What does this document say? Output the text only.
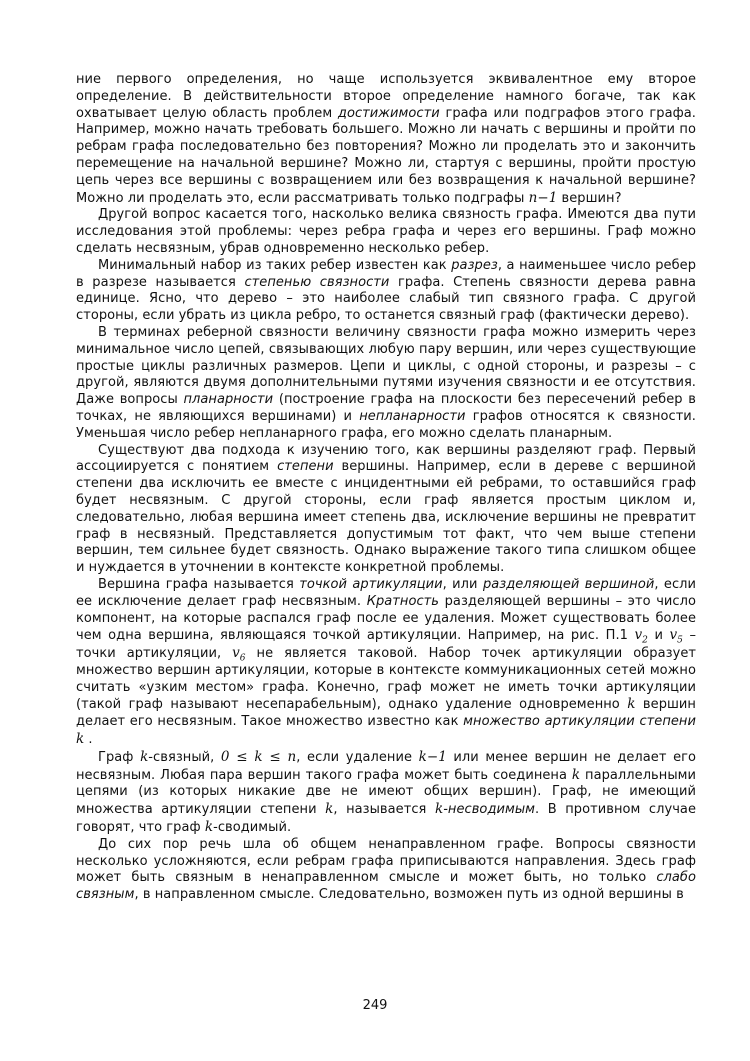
ние первого определения, но чаще используется эквивалентное ему второе определение. В действительности второе определение намного богаче, так как охватывает целую область проблем достижимости графа или подграфов этого графа. Например, можно начать требовать большего. Можно ли начать с вершины и пройти по ребрам графа последовательно без повторения? Можно ли проделать это и закончить перемещение на начальной вершине? Можно ли, стартуя с вершины, пройти простую цепь через все вершины с возвращением или без возвращения к начальной вершине? Можно ли проделать это, если рассматривать только подграфы n−1 вершин?

Другой вопрос касается того, насколько велика связность графа. Имеются два пути исследования этой проблемы: через ребра графа и через его вершины. Граф можно сделать несвязным, убрав одновременно несколько ребер.

Минимальный набор из таких ребер известен как разрез, а наименьшее число ребер в разрезе называется степенью связности графа. Степень связности дерева равна единице. Ясно, что дерево – это наиболее слабый тип связного графа. С другой стороны, если убрать из цикла ребро, то останется связный граф (фактически дерево).

В терминах реберной связности величину связности графа можно измерить через минимальное число цепей, связывающих любую пару вершин, или через существующие простые циклы различных размеров. Цепи и циклы, с одной стороны, и разрезы – с другой, являются двумя дополнительными путями изучения связности и ее отсутствия. Даже вопросы планарности (построение графа на плоскости без пересечений ребер в точках, не являющихся вершинами) и непланарности графов относятся к связности. Уменьшая число ребер непланарного графа, его можно сделать планарным.

Существуют два подхода к изучению того, как вершины разделяют граф. Первый ассоциируется с понятием степени вершины. Например, если в дереве с вершиной степени два исключить ее вместе с инцидентными ей ребрами, то оставшийся граф будет несвязным. С другой стороны, если граф является простым циклом и, следовательно, любая вершина имеет степень два, исключение вершины не превратит граф в несвязный. Представляется допустимым тот факт, что чем выше степени вершин, тем сильнее будет связность. Однако выражение такого типа слишком общее и нуждается в уточнении в контексте конкретной проблемы.

Вершина графа называется точкой артикуляции, или разделяющей вершиной, если ее исключение делает граф несвязным. Кратность разделяющей вершины – это число компонент, на которые распался граф после ее удаления. Может существовать более чем одна вершина, являющаяся точкой артикуляции. Например, на рис. П.1 $v_2$ и $v_5$ – точки артикуляции, $v_6$ не является таковой. Набор точек артикуляции образует множество вершин артикуляции, которые в контексте коммуникационных сетей можно считать «узким местом» графа. Конечно, граф может не иметь точки артикуляции (такой граф называют несепарабельным), однако удаление одновременно k вершин делает его несвязным. Такое множество известно как множество артикуляции степени k .

Граф k-связный, 0 ≤ k ≤ n, если удаление k−1 или менее вершин не делает его несвязным. Любая пара вершин такого графа может быть соединена k параллельными цепями (из которых никакие две не имеют общих вершин). Граф, не имеющий множества артикуляции степени k, называется k-несводимым. В противном случае говорят, что граф k-сводимый.

До сих пор речь шла об общем ненаправленном графе. Вопросы связности несколько усложняются, если ребрам графа приписываются направления. Здесь граф может быть связным в ненаправленном смысле и может быть, но только слабо связным, в направленном смысле. Следовательно, возможен путь из одной вершины в

249
